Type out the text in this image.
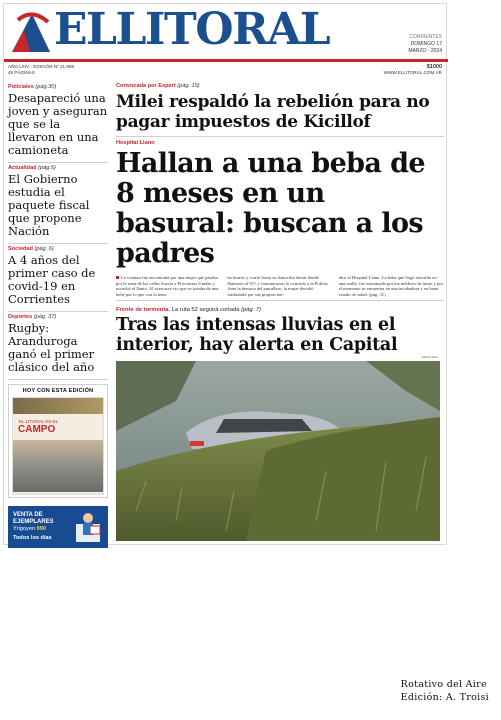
ELLITORAL	CORRIENTES
DOMINGO 17
MARZO - 2024
AÑO LXIV - EDICIÓN Nº 21.906
48 PÁGINAS
$1000
WWW.ELLITORAL.COM.AR
Policiales (pág.30)
Desapareció una joven y aseguran que se la llevaron en una camioneta
Actualidad (pág.5)
El Gobierno estudia el paquete fiscal que propone Nación
Sociedad (pág. 6)
A 4 años del primer caso de covid-19 en Corrientes
Deportes (pág. 37)
Rugby: Aranduroga ganó el primer clásico del año
HOY CON ESTA EDICIÓN
EL LITORAL EN EL
CAMPO
VENTA DE
EJEMPLARES
Yrigoyen 990
Todos los días
Convocada por Espert (pág. 15)
Milei respaldó la rebelión para no pagar impuestos de Kicillof
Hospital Llano
Hallan a una beba de 8 meses en un basural: buscan a los padres

La criatura fue encontrada por una mujer que pasaba por la zona de las calles Suecia y Provincias Unidas y escuchó el llanto. Al acercarse vio que se trataba de una bebé por lo que con la nena

en brazos y corrió hasta su domicilio desde donde llamaron al 911 y comunicaron lo ocurrido a la Policía. Ante la demora del patrullero, la mujer decidió trasladarla por sus propios me-

dios al Hospital Llano. La beba que llegó envuelta en una toalla, fue examinada por los médicos de turno y por el momento se encuentra en una incubadora y en buen estado de salud. (pág. 31)

Frente de tormenta. La ruta 52 seguirá cortada (pág. 7)
Tras las intensas lluvias en el interior, hay alerta en Capital
GENTILEZA
Rotativo del Aire
Edición: A. Troisi
